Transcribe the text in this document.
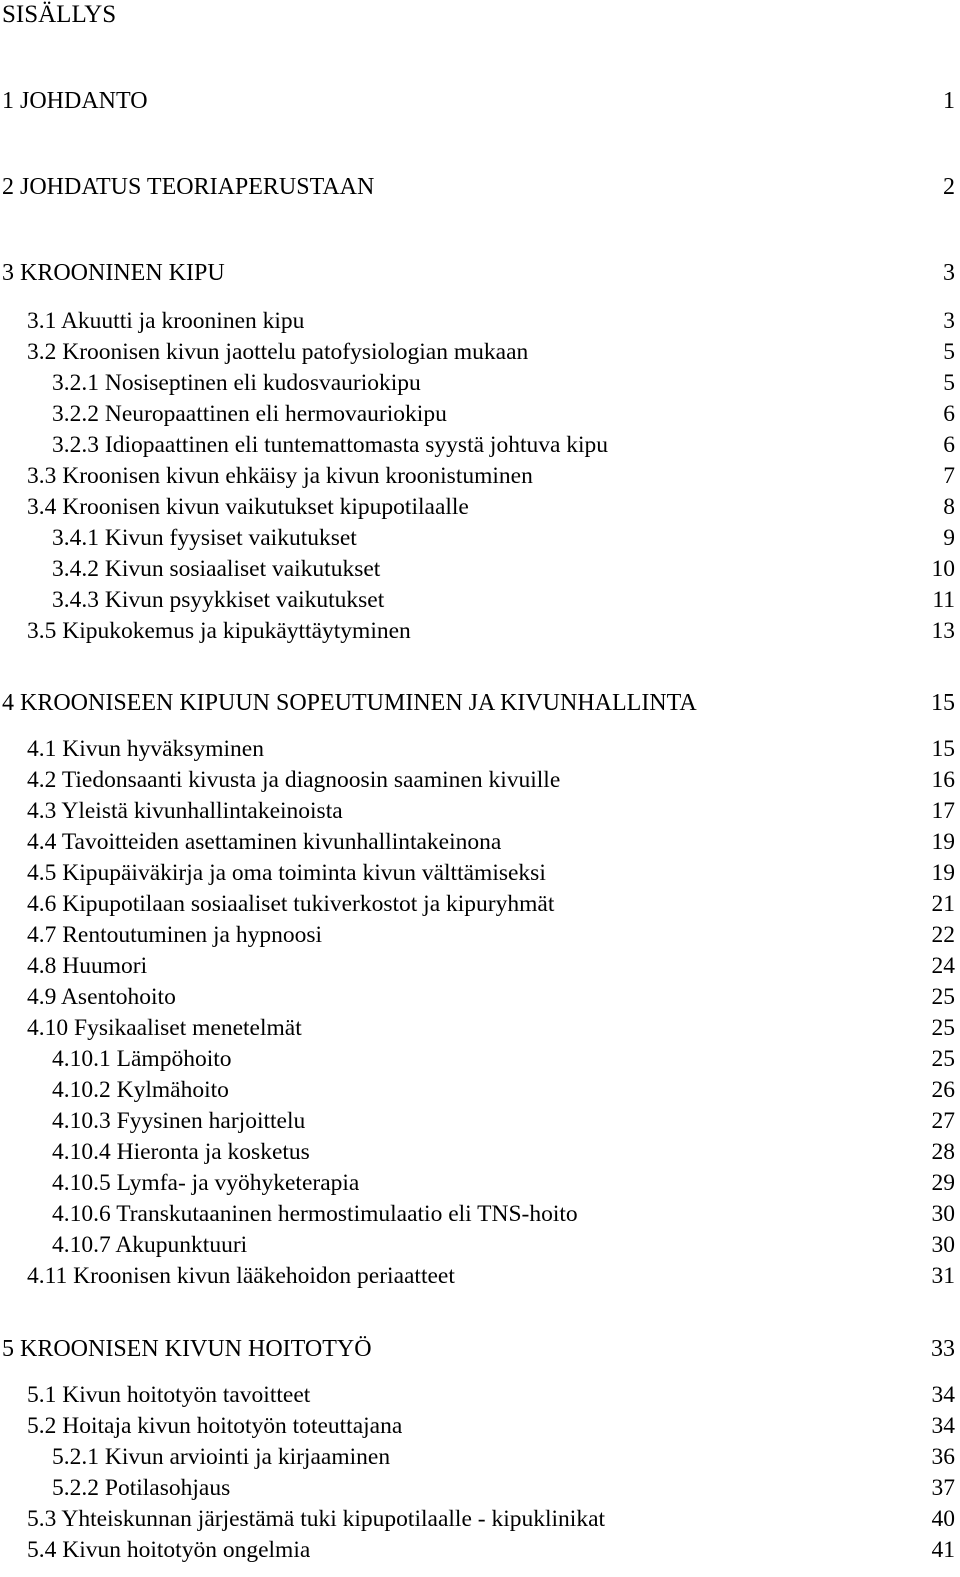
SISÄLLYS
1 JOHDANTO	1
2 JOHDATUS TEORIAPERUSTAAN	2
3 KROONINEN KIPU	3
3.1 Akuutti ja krooninen kipu	3
3.2 Kroonisen kivun jaottelu patofysiologian mukaan	5
3.2.1 Nosiseptinen eli kudosvauriokipu	5
3.2.2 Neuropaattinen eli hermovauriokipu	6
3.2.3 Idiopaattinen eli tuntemattomasta syystä johtuva kipu	6
3.3 Kroonisen kivun ehkäisy ja kivun kroonistuminen	7
3.4 Kroonisen kivun vaikutukset kipupotilaalle	8
3.4.1 Kivun fyysiset vaikutukset	9
3.4.2 Kivun sosiaaliset vaikutukset	10
3.4.3 Kivun psyykkiset vaikutukset	11
3.5 Kipukokemus ja kipukäyttäytyminen	13
4 KROONISEEN KIPUUN SOPEUTUMINEN JA KIVUNHALLINTA	15
4.1 Kivun hyväksyminen	15
4.2 Tiedonsaanti kivusta ja diagnoosin saaminen kivuille	16
4.3 Yleistä kivunhallintakeinoista	17
4.4 Tavoitteiden asettaminen kivunhallintakeinona	19
4.5 Kipupäiväkirja ja oma toiminta kivun välttämiseksi	19
4.6 Kipupotilaan sosiaaliset tukiverkostot ja kipuryhmät	21
4.7 Rentoutuminen ja hypnoosi	22
4.8 Huumori	24
4.9 Asentohoito	25
4.10 Fysikaaliset menetelmät	25
4.10.1 Lämpöhoito	25
4.10.2 Kylmähoito	26
4.10.3 Fyysinen harjoittelu	27
4.10.4 Hieronta ja kosketus	28
4.10.5 Lymfa- ja vyöhyketerapia	29
4.10.6 Transkutaaninen hermostimulaatio eli TNS-hoito	30
4.10.7 Akupunktuuri	30
4.11 Kroonisen kivun lääkehoidon periaatteet	31
5 KROONISEN KIVUN HOITOTYÖ	33
5.1 Kivun hoitotyön tavoitteet	34
5.2 Hoitaja kivun hoitotyön toteuttajana	34
5.2.1 Kivun arviointi ja kirjaaminen	36
5.2.2 Potilasohjaus	37
5.3 Yhteiskunnan järjestämä tuki kipupotilaalle - kipuklinikat	40
5.4 Kivun hoitotyön ongelmia	41
